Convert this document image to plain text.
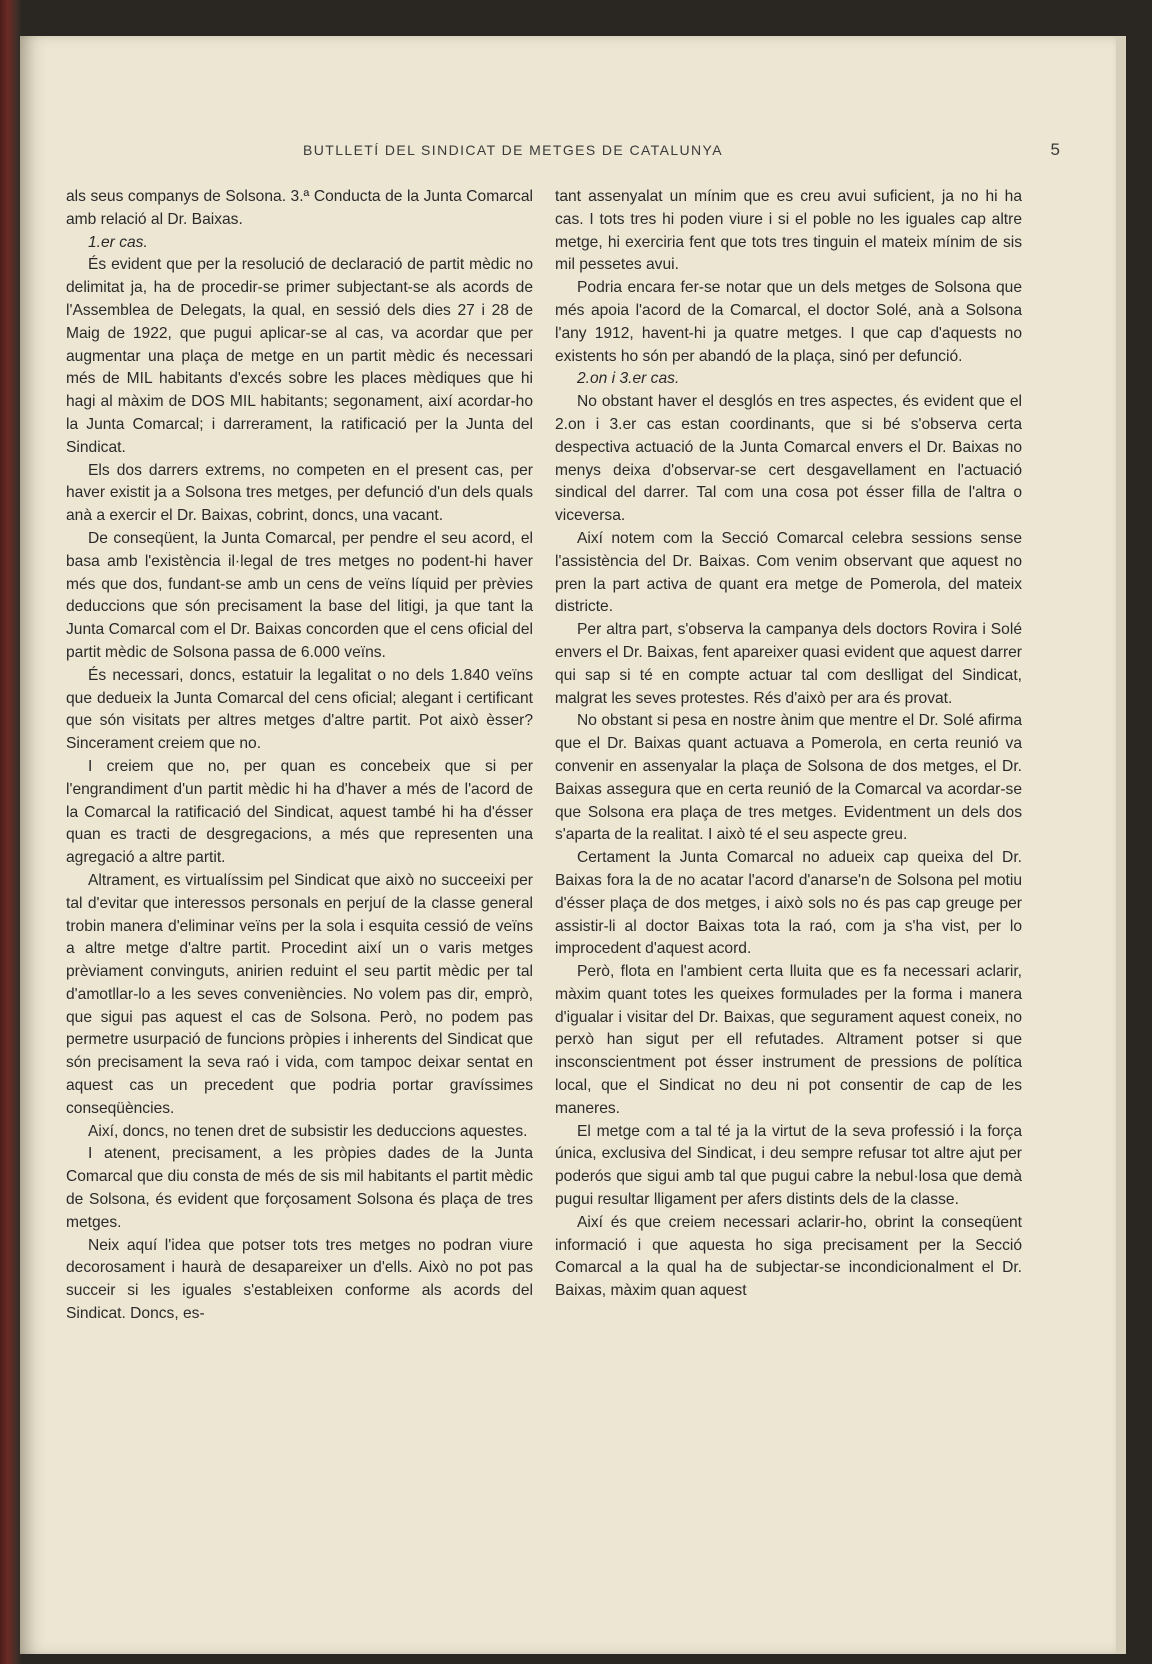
BUTLLETÍ DEL SINDICAT DE METGES DE CATALUNYA	5

als seus companys de Solsona. 3.ª Conducta de la Junta Comarcal amb relació al Dr. Baixas.

1.er cas.

És evident que per la resolució de declaració de partit mèdic no delimitat ja, ha de procedir-se primer subjectant-se als acords de l'Assemblea de Delegats, la qual, en sessió dels dies 27 i 28 de Maig de 1922, que pugui aplicar-se al cas, va acordar que per augmentar una plaça de metge en un partit mèdic és necessari més de MIL habitants d'excés sobre les places mèdiques que hi hagi al màxim de DOS MIL habitants; segonament, així acordar-ho la Junta Comarcal; i darrerament, la ratificació per la Junta del Sindicat.

Els dos darrers extrems, no competen en el present cas, per haver existit ja a Solsona tres metges, per defunció d'un dels quals anà a exercir el Dr. Baixas, cobrint, doncs, una vacant.

De conseqüent, la Junta Comarcal, per pendre el seu acord, el basa amb l'existència il·legal de tres metges no podent-hi haver més que dos, fundant-se amb un cens de veïns líquid per prèvies deduccions que són precisament la base del litigi, ja que tant la Junta Comarcal com el Dr. Baixas concorden que el cens oficial del partit mèdic de Solsona passa de 6.000 veïns.

És necessari, doncs, estatuir la legalitat o no dels 1.840 veïns que dedueix la Junta Comarcal del cens oficial; alegant i certificant que són visitats per altres metges d'altre partit. Pot això èsser? Sincerament creiem que no.

I creiem que no, per quan es concebeix que si per l'engrandiment d'un partit mèdic hi ha d'haver a més de l'acord de la Comarcal la ratificació del Sindicat, aquest també hi ha d'ésser quan es tracti de desgregacions, a més que representen una agregació a altre partit.

Altrament, es virtualíssim pel Sindicat que això no succeeixi per tal d'evitar que interessos personals en perjuí de la classe general trobin manera d'eliminar veïns per la sola i esquita cessió de veïns a altre metge d'altre partit. Procedint així un o varis metges prèviament convinguts, anirien reduint el seu partit mèdic per tal d'amotllar-lo a les seves conveniències. No volem pas dir, emprò, que sigui pas aquest el cas de Solsona. Però, no podem pas permetre usurpació de funcions pròpies i inherents del Sindicat que són precisament la seva raó i vida, com tampoc deixar sentat en aquest cas un precedent que podria portar gravíssimes conseqüències.

Així, doncs, no tenen dret de subsistir les deduccions aquestes.

I atenent, precisament, a les pròpies dades de la Junta Comarcal que diu consta de més de sis mil habitants el partit mèdic de Solsona, és evident que forçosament Solsona és plaça de tres metges.

Neix aquí l'idea que potser tots tres metges no podran viure decorosament i haurà de desapareixer un d'ells. Això no pot pas succeir si les iguales s'estableixen conforme als acords del Sindicat. Doncs, es-

tant assenyalat un mínim que es creu avui suficient, ja no hi ha cas. I tots tres hi poden viure i si el poble no les iguales cap altre metge, hi exerciria fent que tots tres tinguin el mateix mínim de sis mil pessetes avui.

Podria encara fer-se notar que un dels metges de Solsona que més apoia l'acord de la Comarcal, el doctor Solé, anà a Solsona l'any 1912, havent-hi ja quatre metges. I que cap d'aquests no existents ho són per abandó de la plaça, sinó per defunció.

2.on i 3.er cas.

No obstant haver el desglós en tres aspectes, és evident que el 2.on i 3.er cas estan coordinants, que si bé s'observa certa despectiva actuació de la Junta Comarcal envers el Dr. Baixas no menys deixa d'observar-se cert desgavellament en l'actuació sindical del darrer. Tal com una cosa pot ésser filla de l'altra o viceversa.

Així notem com la Secció Comarcal celebra sessions sense l'assistència del Dr. Baixas. Com venim observant que aquest no pren la part activa de quant era metge de Pomerola, del mateix districte.

Per altra part, s'observa la campanya dels doctors Rovira i Solé envers el Dr. Baixas, fent apareixer quasi evident que aquest darrer qui sap si té en compte actuar tal com deslligat del Sindicat, malgrat les seves protestes. Rés d'això per ara és provat.

No obstant si pesa en nostre ànim que mentre el Dr. Solé afirma que el Dr. Baixas quant actuava a Pomerola, en certa reunió va convenir en assenyalar la plaça de Solsona de dos metges, el Dr. Baixas assegura que en certa reunió de la Comarcal va acordar-se que Solsona era plaça de tres metges. Evidentment un dels dos s'aparta de la realitat. I això té el seu aspecte greu.

Certament la Junta Comarcal no adueix cap queixa del Dr. Baixas fora la de no acatar l'acord d'anarse'n de Solsona pel motiu d'ésser plaça de dos metges, i això sols no és pas cap greuge per assistir-li al doctor Baixas tota la raó, com ja s'ha vist, per lo improcedent d'aquest acord.

Però, flota en l'ambient certa lluita que es fa necessari aclarir, màxim quant totes les queixes formulades per la forma i manera d'igualar i visitar del Dr. Baixas, que segurament aquest coneix, no perxò han sigut per ell refutades. Altrament potser si que insconscientment pot ésser instrument de pressions de política local, que el Sindicat no deu ni pot consentir de cap de les maneres.

El metge com a tal té ja la virtut de la seva professió i la força única, exclusiva del Sindicat, i deu sempre refusar tot altre ajut per poderós que sigui amb tal que pugui cabre la nebul·losa que demà pugui resultar lligament per afers distints dels de la classe.

Així és que creiem necessari aclarir-ho, obrint la conseqüent informació i que aquesta ho siga precisament per la Secció Comarcal a la qual ha de subjectar-se incondicionalment el Dr. Baixas, màxim quan aquest
